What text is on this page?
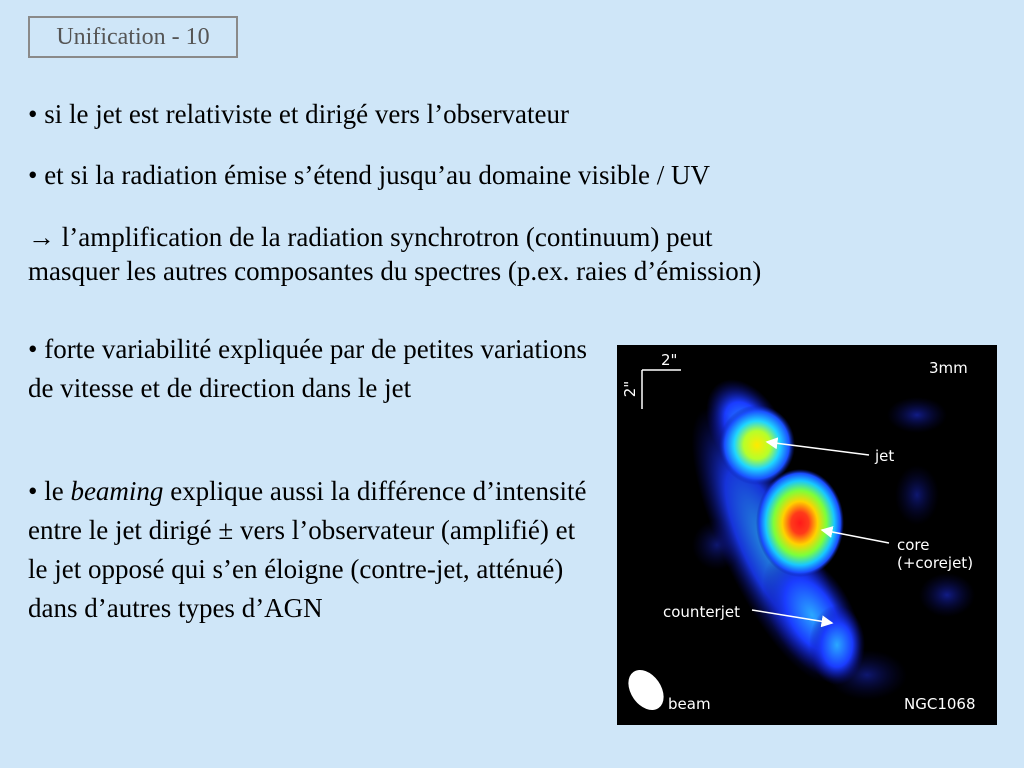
Unification - 10

• si le jet est relativiste et dirigé vers l’observateur

• et si la radiation émise s’étend jusqu’au domaine visible / UV

→ l’amplification de la radiation synchrotron (continuum) peut
masquer les autres composantes du spectres (p.ex. raies d’émission)

• forte variabilité expliquée par de petites variations de vitesse et de direction dans le jet

• le beaming explique aussi la différence d’intensité entre le jet dirigé ± vers l’observateur (amplifié) et le jet opposé qui s’en éloigne (contre-jet, atténué) dans d’autres types d’AGN

2"
2"
3mm
jet
core
(+corejet)
counterjet
beam	NGC1068
